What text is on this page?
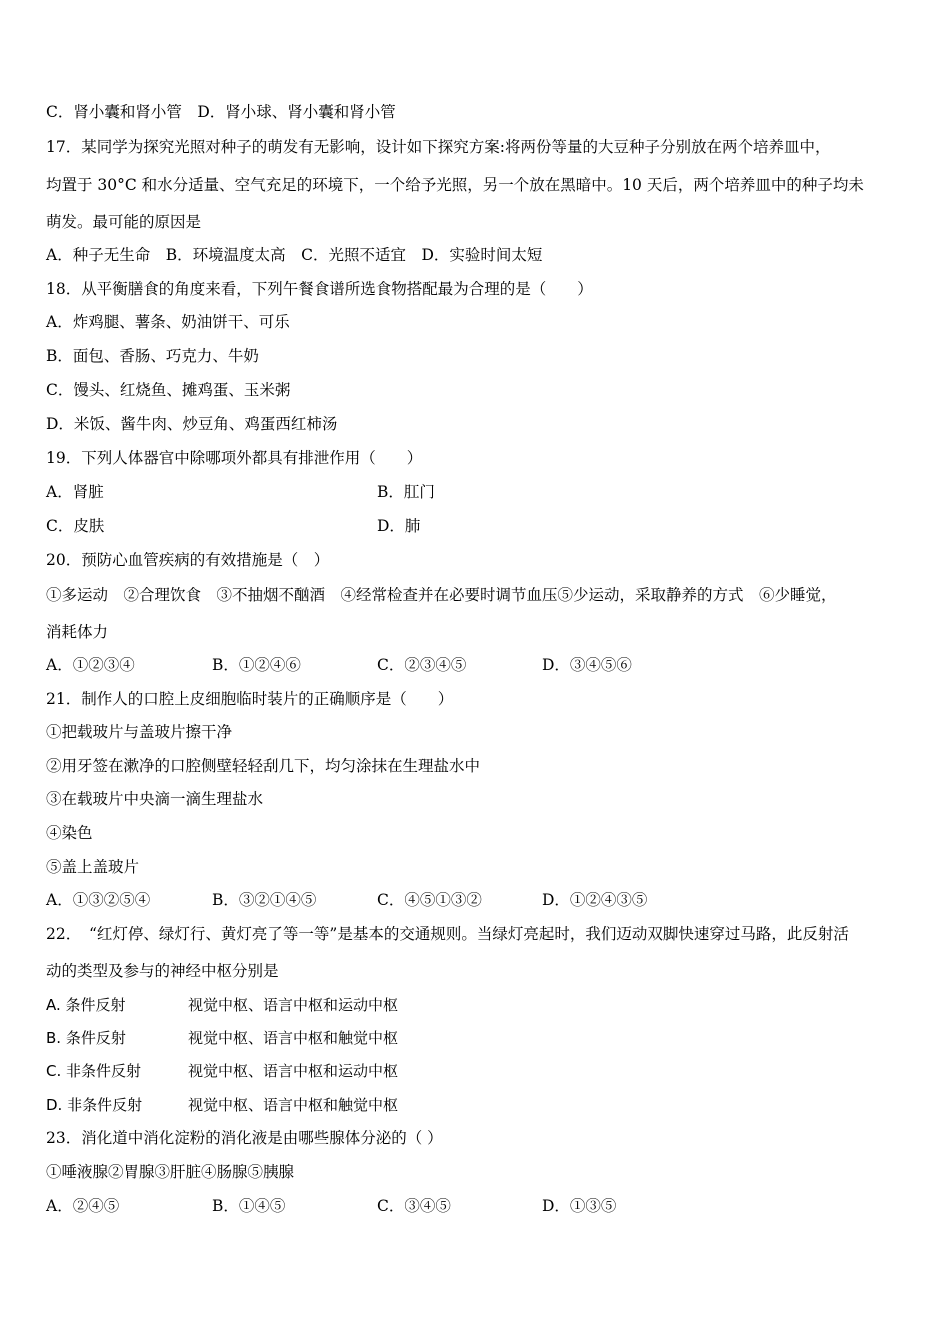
C．肾小囊和肾小管　D．肾小球、肾小囊和肾小管
17．某同学为探究光照对种子的萌发有无影响，设计如下探究方案:将两份等量的大豆种子分别放在两个培养皿中，
均置于 30°C 和水分适量、空气充足的环境下，一个给予光照，另一个放在黑暗中。10 天后，两个培养皿中的种子均未
萌发。最可能的原因是
A．种子无生命　B．环境温度太高　C．光照不适宜　D．实验时间太短
18．从平衡膳食的角度来看，下列午餐食谱所选食物搭配最为合理的是（　　）
A．炸鸡腿、薯条、奶油饼干、可乐
B．面包、香肠、巧克力、牛奶
C．馒头、红烧鱼、摊鸡蛋、玉米粥
D．米饭、酱牛肉、炒豆角、鸡蛋西红柿汤
19．下列人体器官中除哪项外都具有排泄作用（　　）
A．肾脏	B．肛门
C．皮肤	D．肺
20．预防心血管疾病的有效措施是（　）
①多运动　②合理饮食　③不抽烟不酗酒　④经常检查并在必要时调节血压⑤少运动，采取静养的方式　⑥少睡觉，
消耗体力
A．①②③④	B．①②④⑥	C．②③④⑤	D．③④⑤⑥
21．制作人的口腔上皮细胞临时装片的正确顺序是（　　）
①把载玻片与盖玻片擦干净
②用牙签在漱净的口腔侧壁轻轻刮几下，均匀涂抹在生理盐水中
③在载玻片中央滴一滴生理盐水
④染色
⑤盖上盖玻片
A．①③②⑤④	B．③②①④⑤	C．④⑤①③②	D．①②④③⑤
22．　“红灯停、绿灯行、黄灯亮了等一等”是基本的交通规则。当绿灯亮起时，我们迈动双脚快速穿过马路，此反射活
动的类型及参与的神经中枢分别是
A. 条件反射	视觉中枢、语言中枢和运动中枢
B. 条件反射	视觉中枢、语言中枢和触觉中枢
C. 非条件反射	视觉中枢、语言中枢和运动中枢
D. 非条件反射	视觉中枢、语言中枢和触觉中枢
23．消化道中消化淀粉的消化液是由哪些腺体分泌的（ ）
①唾液腺②胃腺③肝脏④肠腺⑤胰腺
A．②④⑤	B．①④⑤	C．③④⑤	D．①③⑤
